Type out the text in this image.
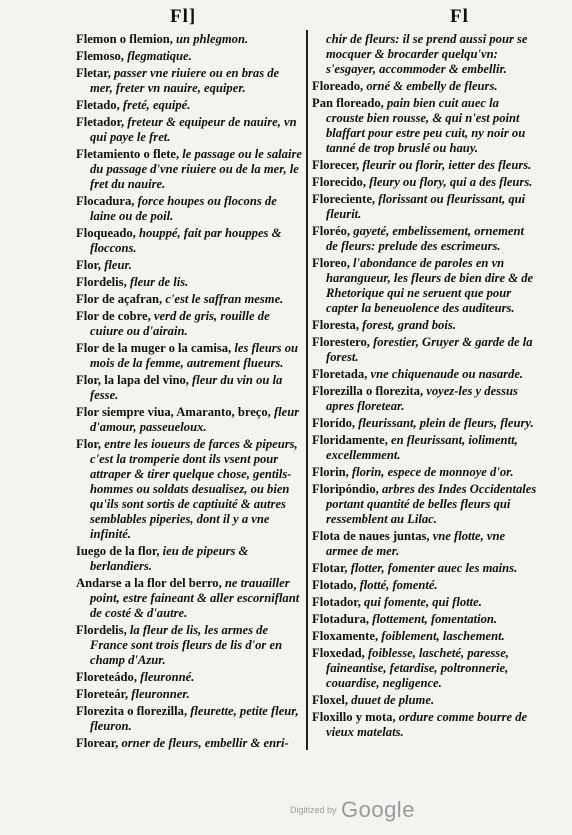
Fl]	Fl
Flemon o flemion, un phlegmon.
Flemoso, flegmatique.
Fletar, passer vne riuiere ou en bras de mer, freter vn nauire, equiper.
Fletado, freté, equipé.
Fletador, freteur & equipeur de nauire, vn qui paye le fret.
Fletamiento o flete, le passage ou le salaire du passage d'vne riuiere ou de la mer, le fret du nauire.
Flocadura, force houpes ou flocons de laine ou de poil.
Floqueado, houppé, fait par houppes & floccons.
Flor, fleur.
Flordelis, fleur de lis.
Flor de açafran, c'est le saffran mesme.
Flor de cobre, verd de gris, rouille de cuiure ou d'airain.
Flor de la muger o la camisa, les fleurs ou mois de la femme, autrement flueurs.
Flor, la lapa del vino, fleur du vin ou la fesse.
Flor siempre viua, Amaranto, breço, fleur d'amour, passeueloux.
Flor, entre les ioueurs de farces & pipeurs, c'est la tromperie dont ils vsent pour attraper & tirer quelque chose, gentils-hommes ou soldats desualisez, ou bien qu'ils sont sortis de captiuité & autres semblables piperies, dont il y a vne infinité.
Iuego de la flor, ieu de pipeurs & berlandiers.
Andarse a la flor del berro, ne trauailler point, estre faineant & aller escorniflant de costé & d'autre.
Flordelis, la fleur de lis, les armes de France sont trois fleurs de lis d'or en champ d'Azur.
Floreteádo, fleuronné.
Floreteár, fleuronner.
Florezita o florezilla, fleurette, petite fleur, fleuron.
Florear, orner de fleurs, embellir & enri-
chir de fleurs: il se prend aussi pour se mocquer & brocarder quelqu'vn: s'esgayer, accommoder & embellir.
Floreado, orné & embelly de fleurs.
Pan floreado, pain bien cuit auec la crouste bien rousse, & qui n'est point blaffart pour estre peu cuit, ny noir ou tanné de trop bruslé ou hauy.
Florecer, fleurir ou florir, ietter des fleurs.
Florecido, fleury ou flory, qui a des fleurs.
Floreciente, florissant ou fleurissant, qui fleurit.
Floréo, gayeté, embelissement, ornement de fleurs: prelude des escrimeurs.
Floreo, l'abondance de paroles en vn harangueur, les fleurs de bien dire & de Rhetorique qui ne seruent que pour capter la beneuolence des auditeurs.
Floresta, forest, grand bois.
Florestero, forestier, Gruyer & garde de la forest.
Floretada, vne chiquenaude ou nasarde.
Florezilla o florezita, voyez-les y dessus apres floretear.
Florído, fleurissant, plein de fleurs, fleury.
Floridamente, en fleurissant, iolimentt, excellemment.
Florin, florin, espece de monnoye d'or.
Floripóndio, arbres des Indes Occidentales portant quantité de belles fleurs qui ressemblent au Lilac.
Flota de naues juntas, vne flotte, vne armee de mer.
Flotar, flotter, fomenter auec les mains.
Flotado, flotté, fomenté.
Flotador, qui fomente, qui flotte.
Flotadura, flottement, fomentation.
Floxamente, foiblement, laschement.
Floxedad, foiblesse, lascheté, paresse, faineantise, fetardise, poltronnerie, couardise, negligence.
Floxel, duuet de plume.
Floxillo y mota, ordure comme bourre de vieux matelats.
Digitized by Google
